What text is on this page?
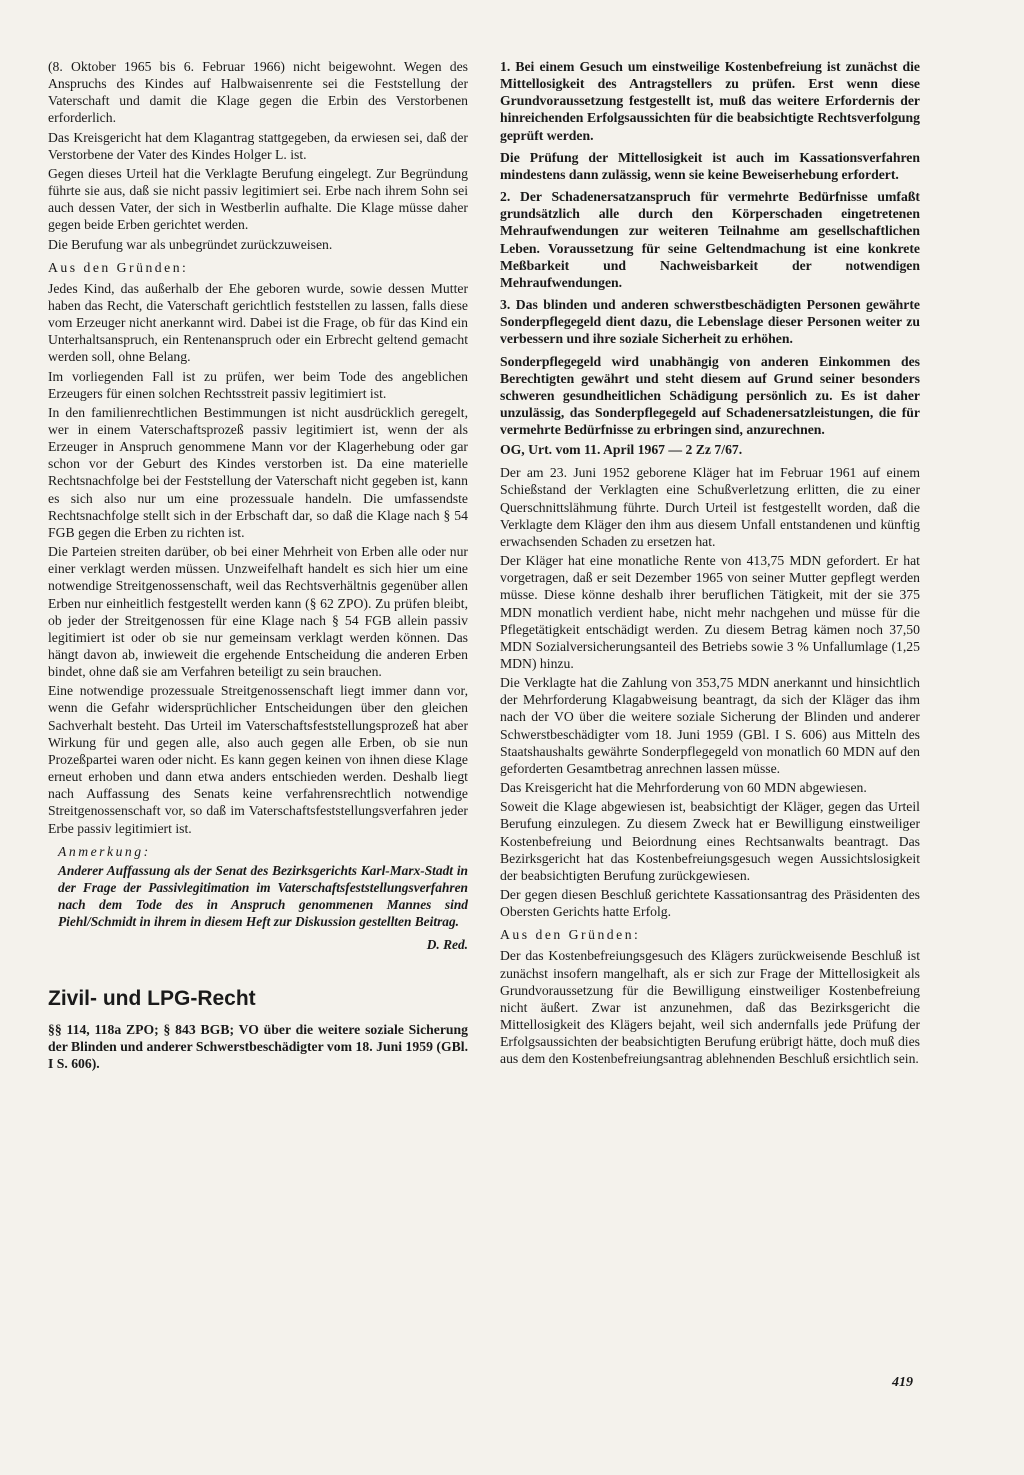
(8. Oktober 1965 bis 6. Februar 1966) nicht beigewohnt. Wegen des Anspruchs des Kindes auf Halbwaisenrente sei die Feststellung der Vaterschaft und damit die Klage gegen die Erbin des Verstorbenen erforderlich.

Das Kreisgericht hat dem Klagantrag stattgegeben, da erwiesen sei, daß der Verstorbene der Vater des Kindes Holger L. ist.

Gegen dieses Urteil hat die Verklagte Berufung eingelegt. Zur Begründung führte sie aus, daß sie nicht passiv legitimiert sei. Erbe nach ihrem Sohn sei auch dessen Vater, der sich in Westberlin aufhalte. Die Klage müsse daher gegen beide Erben gerichtet werden.

Die Berufung war als unbegründet zurückzuweisen.

Aus den Gründen:

Jedes Kind, das außerhalb der Ehe geboren wurde, sowie dessen Mutter haben das Recht, die Vaterschaft gerichtlich feststellen zu lassen, falls diese vom Erzeuger nicht anerkannt wird. Dabei ist die Frage, ob für das Kind ein Unterhaltsanspruch, ein Rentenanspruch oder ein Erbrecht geltend gemacht werden soll, ohne Belang.

Im vorliegenden Fall ist zu prüfen, wer beim Tode des angeblichen Erzeugers für einen solchen Rechtsstreit passiv legitimiert ist.

In den familienrechtlichen Bestimmungen ist nicht ausdrücklich geregelt, wer in einem Vaterschaftsprozeß passiv legitimiert ist, wenn der als Erzeuger in Anspruch genommene Mann vor der Klagerhebung oder gar schon vor der Geburt des Kindes verstorben ist. Da eine materielle Rechtsnachfolge bei der Feststellung der Vaterschaft nicht gegeben ist, kann es sich also nur um eine prozessuale handeln. Die umfassendste Rechtsnachfolge stellt sich in der Erbschaft dar, so daß die Klage nach § 54 FGB gegen die Erben zu richten ist.

Die Parteien streiten darüber, ob bei einer Mehrheit von Erben alle oder nur einer verklagt werden müssen. Unzweifelhaft handelt es sich hier um eine notwendige Streitgenossenschaft, weil das Rechtsverhältnis gegenüber allen Erben nur einheitlich festgestellt werden kann (§ 62 ZPO). Zu prüfen bleibt, ob jeder der Streitgenossen für eine Klage nach § 54 FGB allein passiv legitimiert ist oder ob sie nur gemeinsam verklagt werden können. Das hängt davon ab, inwieweit die ergehende Entscheidung die anderen Erben bindet, ohne daß sie am Verfahren beteiligt zu sein brauchen.

Eine notwendige prozessuale Streitgenossenschaft liegt immer dann vor, wenn die Gefahr widersprüchlicher Entscheidungen über den gleichen Sachverhalt besteht. Das Urteil im Vaterschaftsfeststellungsprozeß hat aber Wirkung für und gegen alle, also auch gegen alle Erben, ob sie nun Prozeßpartei waren oder nicht. Es kann gegen keinen von ihnen diese Klage erneut erhoben und dann etwa anders entschieden werden. Deshalb liegt nach Auffassung des Senats keine verfahrensrechtlich notwendige Streitgenossenschaft vor, so daß im Vaterschaftsfeststellungsverfahren jeder Erbe passiv legitimiert ist.

Anmerkung:

Anderer Auffassung als der Senat des Bezirksgerichts Karl-Marx-Stadt in der Frage der Passivlegitimation im Vaterschaftsfeststellungsverfahren nach dem Tode des in Anspruch genommenen Mannes sind Piehl/Schmidt in ihrem in diesem Heft zur Diskussion gestellten Beitrag.

D. Red.
Zivil- und LPG-Recht

§§ 114, 118a ZPO; § 843 BGB; VO über die weitere soziale Sicherung der Blinden und anderer Schwerstbeschädigter vom 18. Juni 1959 (GBl. I S. 606).

1. Bei einem Gesuch um einstweilige Kostenbefreiung ist zunächst die Mittellosigkeit des Antragstellers zu prüfen. Erst wenn diese Grundvoraussetzung festgestellt ist, muß das weitere Erfordernis der hinreichenden Erfolgsaussichten für die beabsichtigte Rechtsverfolgung geprüft werden.

Die Prüfung der Mittellosigkeit ist auch im Kassationsverfahren mindestens dann zulässig, wenn sie keine Beweiserhebung erfordert.

2. Der Schadenersatzanspruch für vermehrte Bedürfnisse umfaßt grundsätzlich alle durch den Körperschaden eingetretenen Mehraufwendungen zur weiteren Teilnahme am gesellschaftlichen Leben. Voraussetzung für seine Geltendmachung ist eine konkrete Meßbarkeit und Nachweisbarkeit der notwendigen Mehraufwendungen.

3. Das blinden und anderen schwerstbeschädigten Personen gewährte Sonderpflegegeld dient dazu, die Lebenslage dieser Personen weiter zu verbessern und ihre soziale Sicherheit zu erhöhen.

Sonderpflegegeld wird unabhängig von anderen Einkommen des Berechtigten gewährt und steht diesem auf Grund seiner besonders schweren gesundheitlichen Schädigung persönlich zu. Es ist daher unzulässig, das Sonderpflegegeld auf Schadenersatzleistungen, die für vermehrte Bedürfnisse zu erbringen sind, anzurechnen.

OG, Urt. vom 11. April 1967 — 2 Zz 7/67.

Der am 23. Juni 1952 geborene Kläger hat im Februar 1961 auf einem Schießstand der Verklagten eine Schußverletzung erlitten, die zu einer Querschnittslähmung führte. Durch Urteil ist festgestellt worden, daß die Verklagte dem Kläger den ihm aus diesem Unfall entstandenen und künftig erwachsenden Schaden zu ersetzen hat.

Der Kläger hat eine monatliche Rente von 413,75 MDN gefordert. Er hat vorgetragen, daß er seit Dezember 1965 von seiner Mutter gepflegt werden müsse. Diese könne deshalb ihrer beruflichen Tätigkeit, mit der sie 375 MDN monatlich verdient habe, nicht mehr nachgehen und müsse für die Pflegetätigkeit entschädigt werden. Zu diesem Betrag kämen noch 37,50 MDN Sozialversicherungsanteil des Betriebs sowie 3 % Unfallumlage (1,25 MDN) hinzu.

Die Verklagte hat die Zahlung von 353,75 MDN anerkannt und hinsichtlich der Mehrforderung Klagabweisung beantragt, da sich der Kläger das ihm nach der VO über die weitere soziale Sicherung der Blinden und anderer Schwerstbeschädigter vom 18. Juni 1959 (GBl. I S. 606) aus Mitteln des Staatshaushalts gewährte Sonderpflegegeld von monatlich 60 MDN auf den geforderten Gesamtbetrag anrechnen lassen müsse.

Das Kreisgericht hat die Mehrforderung von 60 MDN abgewiesen.

Soweit die Klage abgewiesen ist, beabsichtigt der Kläger, gegen das Urteil Berufung einzulegen. Zu diesem Zweck hat er Bewilligung einstweiliger Kostenbefreiung und Beiordnung eines Rechtsanwalts beantragt. Das Bezirksgericht hat das Kostenbefreiungsgesuch wegen Aussichtslosigkeit der beabsichtigten Berufung zurückgewiesen.

Der gegen diesen Beschluß gerichtete Kassationsantrag des Präsidenten des Obersten Gerichts hatte Erfolg.

Aus den Gründen:

Der das Kostenbefreiungsgesuch des Klägers zurückweisende Beschluß ist zunächst insofern mangelhaft, als er sich zur Frage der Mittellosigkeit als Grundvoraussetzung für die Bewilligung einstweiliger Kostenbefreiung nicht äußert. Zwar ist anzunehmen, daß das Bezirksgericht die Mittellosigkeit des Klägers bejaht, weil sich andernfalls jede Prüfung der Erfolgsaussichten der beabsichtigten Berufung erübrigt hätte, doch muß dies aus dem den Kostenbefreiungsantrag ablehnenden Beschluß ersichtlich sein.

419
